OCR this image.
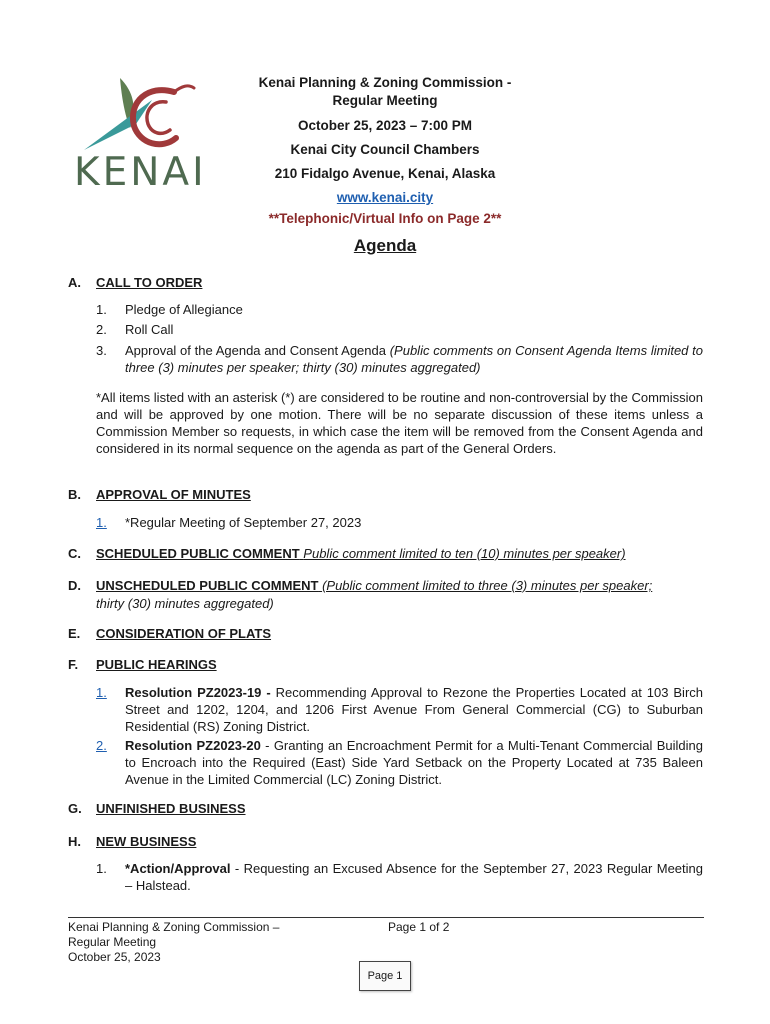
KENAI
Kenai Planning & Zoning Commission -
Regular Meeting
October 25, 2023 – 7:00 PM
Kenai City Council Chambers
210 Fidalgo Avenue, Kenai, Alaska
www.kenai.city
**Telephonic/Virtual Info on Page 2**
Agenda
A. CALL TO ORDER
1. Pledge of Allegiance
2. Roll Call
3. Approval of the Agenda and Consent Agenda (Public comments on Consent Agenda Items limited to three (3) minutes per speaker; thirty (30) minutes aggregated)
*All items listed with an asterisk (*) are considered to be routine and non-controversial by the Commission and will be approved by one motion. There will be no separate discussion of these items unless a Commission Member so requests, in which case the item will be removed from the Consent Agenda and considered in its normal sequence on the agenda as part of the General Orders.
B. APPROVAL OF MINUTES
1. *Regular Meeting of September 27, 2023
C. SCHEDULED PUBLIC COMMENT Public comment limited to ten (10) minutes per speaker)
D. UNSCHEDULED PUBLIC COMMENT (Public comment limited to three (3) minutes per speaker;
thirty (30) minutes aggregated)
E. CONSIDERATION OF PLATS
F. PUBLIC HEARINGS
1. Resolution PZ2023-19 - Recommending Approval to Rezone the Properties Located at 103 Birch Street and 1202, 1204, and 1206 First Avenue From General Commercial (CG) to Suburban Residential (RS) Zoning District.
2. Resolution PZ2023-20 - Granting an Encroachment Permit for a Multi-Tenant Commercial Building to Encroach into the Required (East) Side Yard Setback on the Property Located at 735 Baleen Avenue in the Limited Commercial (LC) Zoning District.
G. UNFINISHED BUSINESS
H. NEW BUSINESS
1. *Action/Approval - Requesting an Excused Absence for the September 27, 2023 Regular Meeting – Halstead.
Kenai Planning & Zoning Commission –
Regular Meeting
October 25, 2023
Page 1 of 2
Page 1
